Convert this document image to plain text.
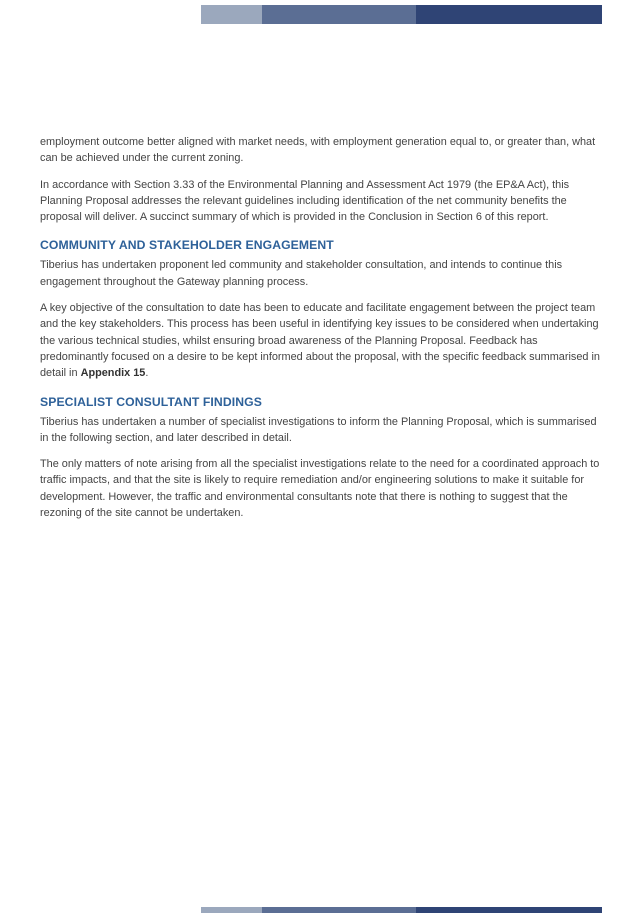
employment outcome better aligned with market needs, with employment generation equal to, or greater than, what can be achieved under the current zoning.

In accordance with Section 3.33 of the Environmental Planning and Assessment Act 1979 (the EP&A Act), this Planning Proposal addresses the relevant guidelines including identification of the net community benefits the proposal will deliver. A succinct summary of which is provided in the Conclusion in Section 6 of this report.

COMMUNITY AND STAKEHOLDER ENGAGEMENT

Tiberius has undertaken proponent led community and stakeholder consultation, and intends to continue this engagement throughout the Gateway planning process.

A key objective of the consultation to date has been to educate and facilitate engagement between the project team and the key stakeholders. This process has been useful in identifying key issues to be considered when undertaking the various technical studies, whilst ensuring broad awareness of the Planning Proposal. Feedback has predominantly focused on a desire to be kept informed about the proposal, with the specific feedback summarised in detail in Appendix 15.

SPECIALIST CONSULTANT FINDINGS

Tiberius has undertaken a number of specialist investigations to inform the Planning Proposal, which is summarised in the following section, and later described in detail.

The only matters of note arising from all the specialist investigations relate to the need for a coordinated approach to traffic impacts, and that the site is likely to require remediation and/or engineering solutions to make it suitable for development. However, the traffic and environmental consultants note that there is nothing to suggest that the rezoning of the site cannot be undertaken.
